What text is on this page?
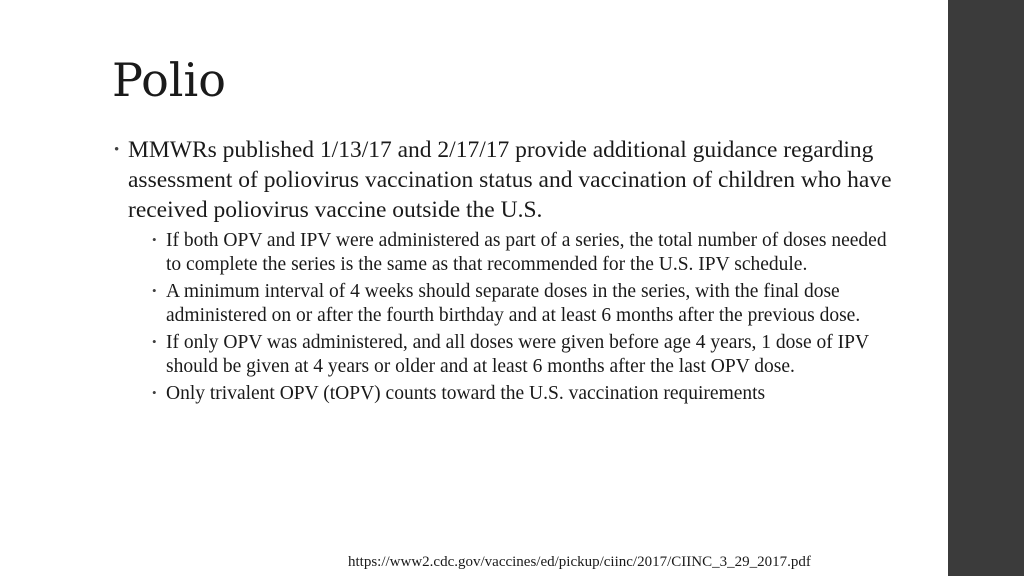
Polio
• MMWRs published 1/13/17 and 2/17/17 provide additional guidance regarding assessment of poliovirus vaccination status and vaccination of children who have received poliovirus vaccine outside the U.S.
• If both OPV and IPV were administered as part of a series, the total number of doses needed to complete the series is the same as that recommended for the U.S. IPV schedule.
• A minimum interval of 4 weeks should separate doses in the series, with the final dose administered on or after the fourth birthday and at least 6 months after the previous dose.
• If only OPV was administered, and all doses were given before age 4 years, 1 dose of IPV should be given at 4 years or older and at least 6 months after the last OPV dose.
• Only trivalent OPV (tOPV) counts toward the U.S. vaccination requirements
https://www2.cdc.gov/vaccines/ed/pickup/ciinc/2017/CIINC_3_29_2017.pdf
